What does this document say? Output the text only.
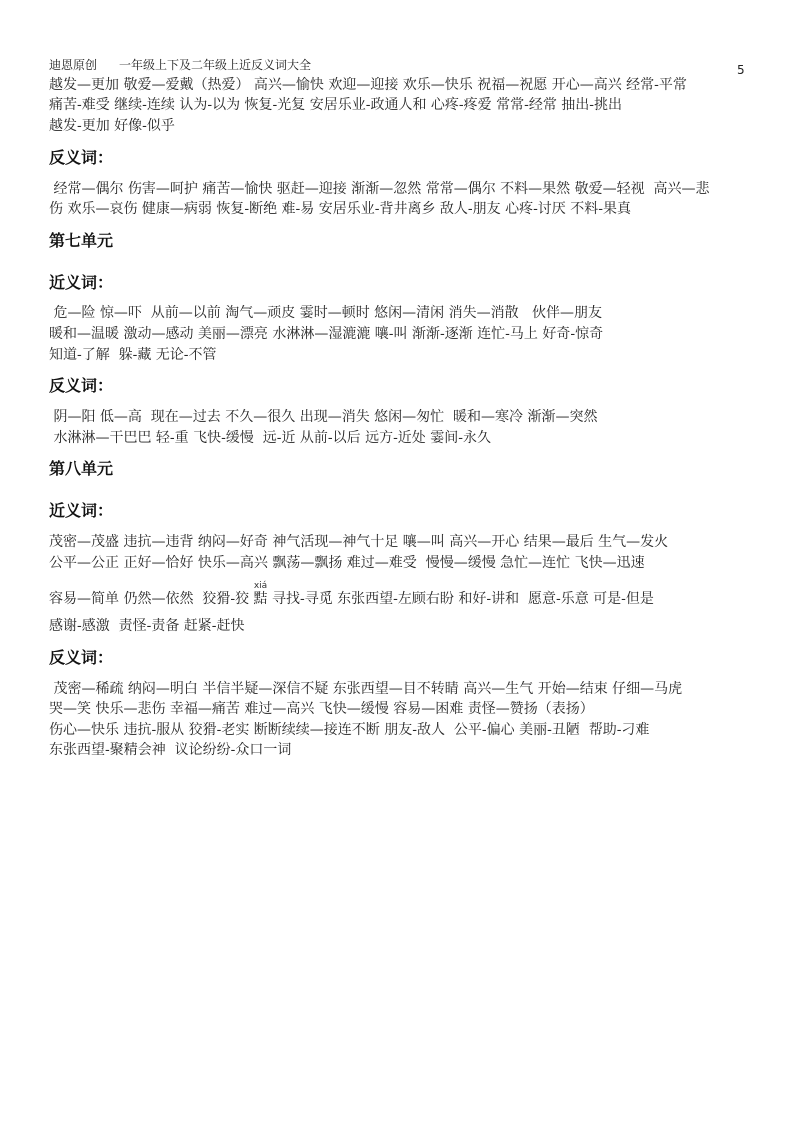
迪恩原创 一年级上下及二年级上近反义词大全	5
越发—更加 敬爱—爱戴（热爱） 高兴—愉快 欢迎—迎接 欢乐—快乐 祝福—祝愿 开心—高兴 经常-平常
痛苦-难受 继续-连续 认为-以为 恢复-光复 安居乐业-政通人和 心疼-疼爱 常常-经常 抽出-挑出
越发-更加 好像-似乎
反义词：
经常—偶尔 伤害—呵护 痛苦—愉快 驱赶—迎接 渐渐—忽然 常常—偶尔 不料—果然 敬爱—轻视  高兴—悲
伤 欢乐—哀伤 健康—病弱 恢复-断绝 难-易 安居乐业-背井离乡 敌人-朋友 心疼-讨厌 不料-果真
第七单元
近义词：
危—险 惊—吓  从前—以前 淘气—顽皮 霎时—顿时 悠闲—清闲 消失—消散   伙伴—朋友
暖和—温暖 激动—感动 美丽—漂亮 水淋淋—湿漉漉 嚷-叫 渐渐-逐渐 连忙-马上 好奇-惊奇
知道-了解  躲-藏 无论-不管
反义词：
阴—阳 低—高  现在—过去 不久—很久 出现—消失 悠闲—匆忙  暖和—寒冷 渐渐—突然
水淋淋—干巴巴 轻-重 飞快-缓慢  远-近 从前-以后 远方-近处 霎间-永久
第八单元
近义词：
茂密—茂盛 违抗—违背 纳闷—好奇 神气活现—神气十足 嚷—叫 高兴—开心 结果—最后 生气—发火
公平—公正 正好—恰好 快乐—高兴 飘荡—飘扬 难过—难受  慢慢—缓慢 急忙—连忙 飞快—迅速
容易—简单 仍然—依然  狡猾-狡 黠xiá 寻找-寻觅 东张西望-左顾右盼 和好-讲和  愿意-乐意 可是-但是
感谢-感激  责怪-责备 赶紧-赶快
反义词：
茂密—稀疏 纳闷—明白 半信半疑—深信不疑 东张西望—目不转睛 高兴—生气 开始—结束 仔细—马虎
哭—笑 快乐—悲伤 幸福—痛苦 难过—高兴 飞快—缓慢 容易—困难 责怪—赞扬（表扬）
伤心—快乐 违抗-服从 狡猾-老实 断断续续—接连不断 朋友-敌人  公平-偏心 美丽-丑陋  帮助-刁难
东张西望-聚精会神  议论纷纷-众口一词
